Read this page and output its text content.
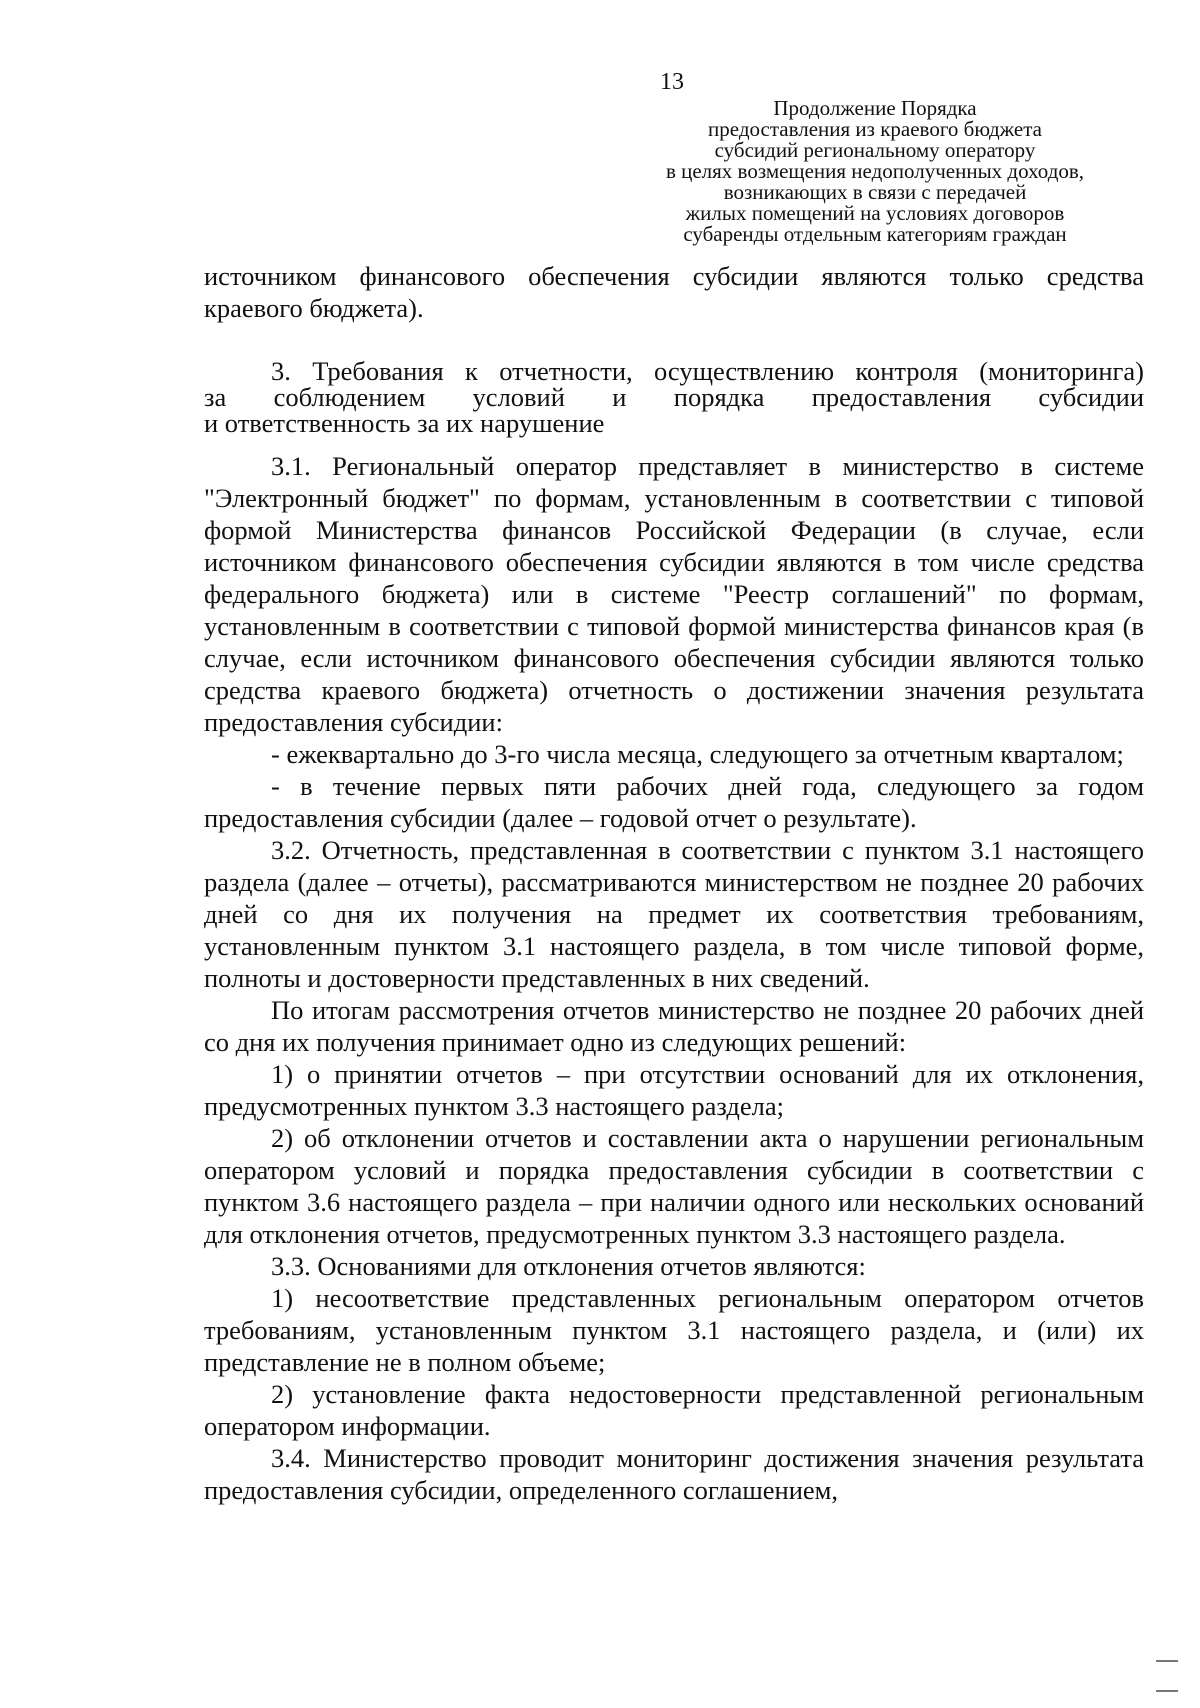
13
Продолжение Порядка
предоставления из краевого бюджета
субсидий региональному оператору
в целях возмещения недополученных доходов,
возникающих в связи с передачей
жилых помещений на условиях договоров
субаренды отдельным категориям граждан

источником финансового обеспечения субсидии являются только средства краевого бюджета).

3. Требования к отчетности, осуществлению контроля (мониторинга)
за соблюдением условий и порядка предоставления субсидии
и ответственность за их нарушение

3.1. Региональный оператор представляет в министерство в системе "Электронный бюджет" по формам, установленным в соответствии с типовой формой Министерства финансов Российской Федерации (в случае, если источником финансового обеспечения субсидии являются в том числе средства федерального бюджета) или в системе "Реестр соглашений" по формам, установленным в соответствии с типовой формой министерства финансов края (в случае, если источником финансового обеспечения субсидии являются только средства краевого бюджета) отчетность о достижении значения результата предоставления субсидии:

- ежеквартально до 3-го числа месяца, следующего за отчетным кварталом;

- в течение первых пяти рабочих дней года, следующего за годом предоставления субсидии (далее – годовой отчет о результате).

3.2. Отчетность, представленная в соответствии с пунктом 3.1 настоящего раздела (далее – отчеты), рассматриваются министерством не позднее 20 рабочих дней со дня их получения на предмет их соответствия требованиям, установленным пунктом 3.1 настоящего раздела, в том числе типовой форме, полноты и достоверности представленных в них сведений.

По итогам рассмотрения отчетов министерство не позднее 20 рабочих дней со дня их получения принимает одно из следующих решений:

1) о принятии отчетов – при отсутствии оснований для их отклонения, предусмотренных пунктом 3.3 настоящего раздела;

2) об отклонении отчетов и составлении акта о нарушении региональным оператором условий и порядка предоставления субсидии в соответствии с пунктом 3.6 настоящего раздела – при наличии одного или нескольких оснований для отклонения отчетов, предусмотренных пунктом 3.3 настоящего раздела.

3.3. Основаниями для отклонения отчетов являются:

1) несоответствие представленных региональным оператором отчетов требованиям, установленным пунктом 3.1 настоящего раздела, и (или) их представление не в полном объеме;

2) установление факта недостоверности представленной региональным оператором информации.

3.4. Министерство проводит мониторинг достижения значения результата предоставления субсидии, определенного соглашением,
